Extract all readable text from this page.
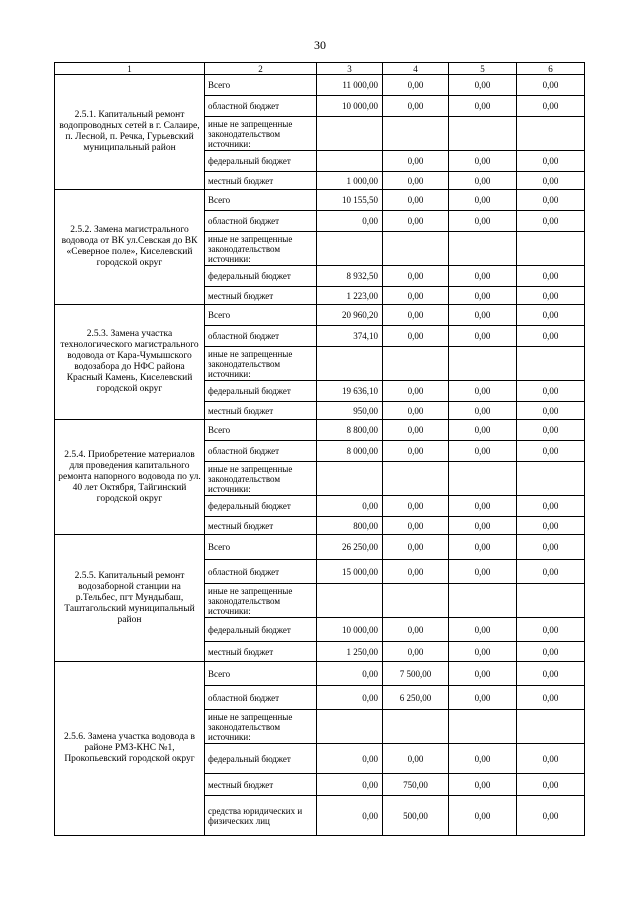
30
1	2	3	4	5	6
2.5.1. Капитальный ремонт водопроводных сетей в г. Салаире, п. Лесной, п. Речка, Гурьевский муниципальный район	Всего	11 000,00	0,00	0,00	0,00
	областной бюджет	10 000,00	0,00	0,00	0,00
	иные не запрещенные законодательством источники:				
	федеральный бюджет		0,00	0,00	0,00
	местный бюджет	1 000,00	0,00	0,00	0,00
2.5.2. Замена магистрального водовода от ВК ул.Севская до ВК «Северное поле», Киселевский городской округ	Всего	10 155,50	0,00	0,00	0,00
	областной бюджет	0,00	0,00	0,00	0,00
	иные не запрещенные законодательством источники:				
	федеральный бюджет	8 932,50	0,00	0,00	0,00
	местный бюджет	1 223,00	0,00	0,00	0,00
2.5.3. Замена участка технологического магистрального водовода от Кара-Чумышского водозабора до НФС района Красный Камень, Киселевский городской округ	Всего	20 960,20	0,00	0,00	0,00
	областной бюджет	374,10	0,00	0,00	0,00
	иные не запрещенные законодательством источники:				
	федеральный бюджет	19 636,10	0,00	0,00	0,00
	местный бюджет	950,00	0,00	0,00	0,00
2.5.4. Приобретение материалов для проведения капитального ремонта напорного водовода по ул. 40 лет Октября, Тайгинский городской округ	Всего	8 800,00	0,00	0,00	0,00
	областной бюджет	8 000,00	0,00	0,00	0,00
	иные не запрещенные законодательством источники:				
	федеральный бюджет	0,00	0,00	0,00	0,00
	местный бюджет	800,00	0,00	0,00	0,00
2.5.5. Капитальный ремонт водозаборной станции на р.Тельбес, пгт Мундыбаш, Таштагольский муниципальный район	Всего	26 250,00	0,00	0,00	0,00
	областной бюджет	15 000,00	0,00	0,00	0,00
	иные не запрещенные законодательством источники:				
	федеральный бюджет	10 000,00	0,00	0,00	0,00
	местный бюджет	1 250,00	0,00	0,00	0,00
2.5.6. Замена участка водовода в районе РМЗ-КНС №1, Прокопьевский городской округ	Всего	0,00	7 500,00	0,00	0,00
	областной бюджет	0,00	6 250,00	0,00	0,00
	иные не запрещенные законодательством источники:				
	федеральный бюджет	0,00	0,00	0,00	0,00
	местный бюджет	0,00	750,00	0,00	0,00
	средства юридических и физических лиц	0,00	500,00	0,00	0,00
